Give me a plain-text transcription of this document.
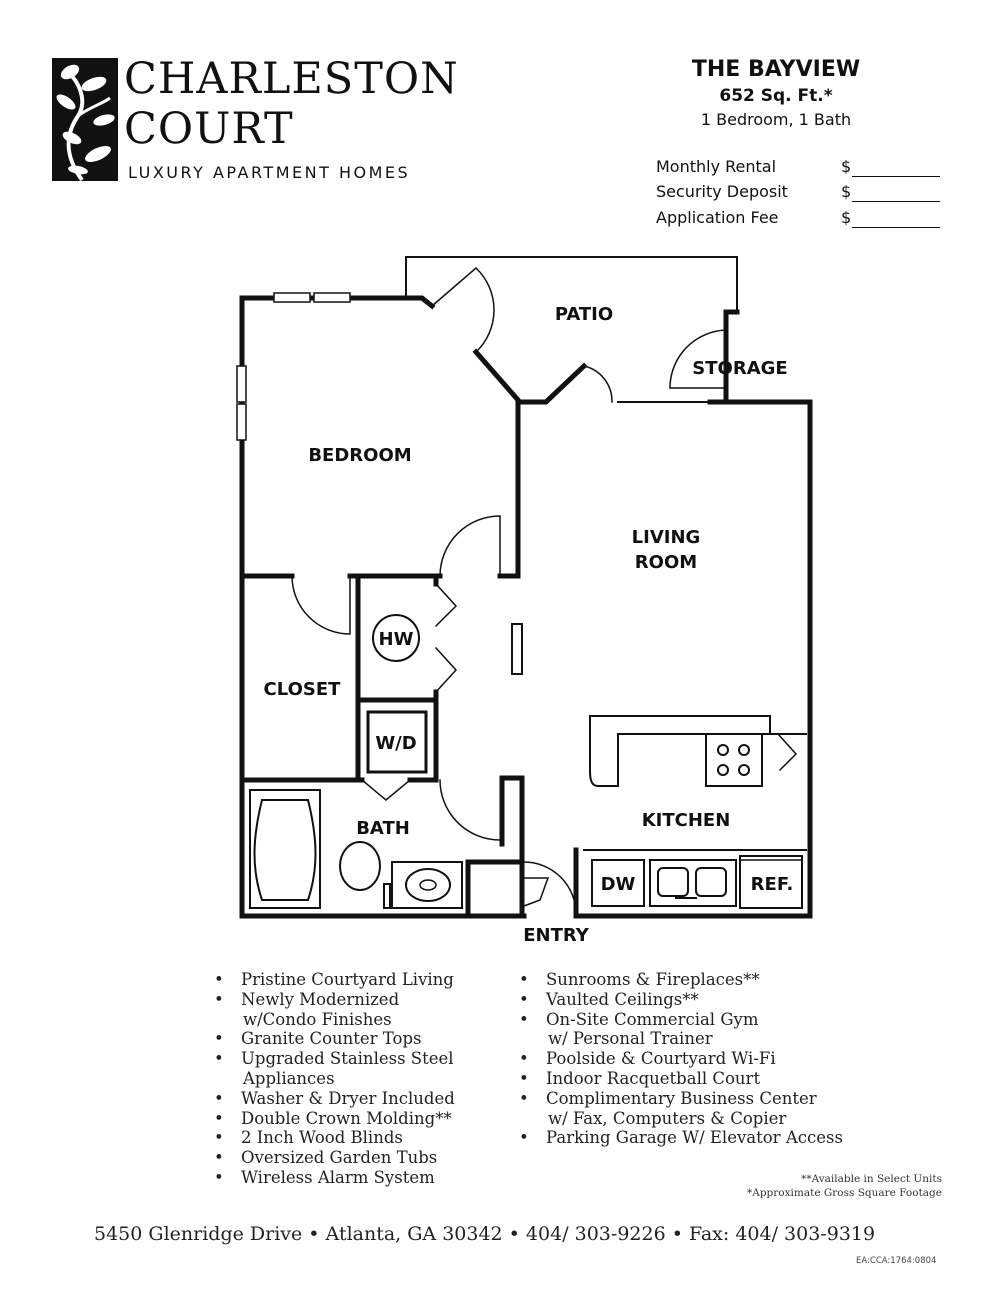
CHARLESTON
COURT
LUXURY APARTMENT HOMES
THE BAYVIEW
652 Sq. Ft.*
1 Bedroom, 1 Bath
Monthly Rental	$
Security Deposit	$
Application Fee	$
PATIO
STORAGE
BEDROOM
LIVING
ROOM
CLOSET
HW
W/D
BATH	KITCHEN
DW	REF.
ENTRY
• Pristine Courtyard Living
• Newly Modernized
w/Condo Finishes
• Granite Counter Tops
• Upgraded Stainless Steel
Appliances
• Washer & Dryer Included
• Double Crown Molding**
• 2 Inch Wood Blinds
• Oversized Garden Tubs
• Wireless Alarm System
• Sunrooms & Fireplaces**
• Vaulted Ceilings**
• On-Site Commercial Gym
w/ Personal Trainer
• Poolside & Courtyard Wi-Fi
• Indoor Racquetball Court
• Complimentary Business Center
w/ Fax, Computers & Copier
• Parking Garage W/ Elevator Access
**Available in Select Units
*Approximate Gross Square Footage
5450 Glenridge Drive • Atlanta, GA 30342 • 404/ 303-9226 • Fax: 404/ 303-9319
EA:CCA:1764:0804
